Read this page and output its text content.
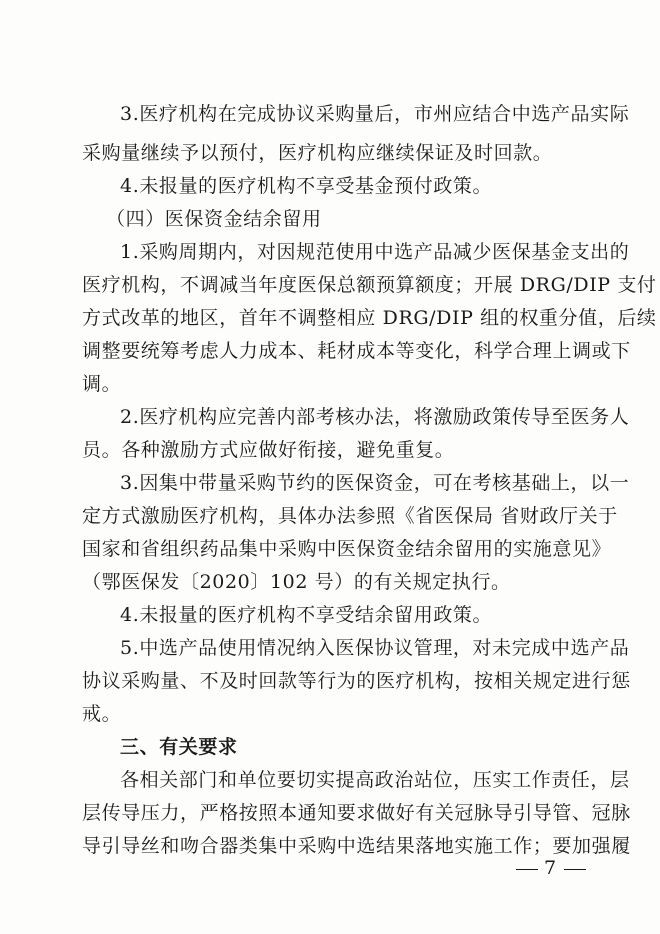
3.医疗机构在完成协议采购量后，市州应结合中选产品实际
采购量继续予以预付，医疗机构应继续保证及时回款。
4.未报量的医疗机构不享受基金预付政策。
（四）医保资金结余留用
1.采购周期内，对因规范使用中选产品减少医保基金支出的
医疗机构，不调减当年度医保总额预算额度；开展 DRG/DIP 支付
方式改革的地区，首年不调整相应 DRG/DIP 组的权重分值，后续
调整要统筹考虑人力成本、耗材成本等变化，科学合理上调或下
调。
2.医疗机构应完善内部考核办法，将激励政策传导至医务人
员。各种激励方式应做好衔接，避免重复。
3.因集中带量采购节约的医保资金，可在考核基础上，以一
定方式激励医疗机构，具体办法参照《省医保局 省财政厅关于
国家和省组织药品集中采购中医保资金结余留用的实施意见》
（鄂医保发〔2020〕102 号）的有关规定执行。
4.未报量的医疗机构不享受结余留用政策。
5.中选产品使用情况纳入医保协议管理，对未完成中选产品
协议采购量、不及时回款等行为的医疗机构，按相关规定进行惩
戒。
三、有关要求
各相关部门和单位要切实提高政治站位，压实工作责任，层
层传导压力，严格按照本通知要求做好有关冠脉导引导管、冠脉
导引导丝和吻合器类集中采购中选结果落地实施工作；要加强履
7
